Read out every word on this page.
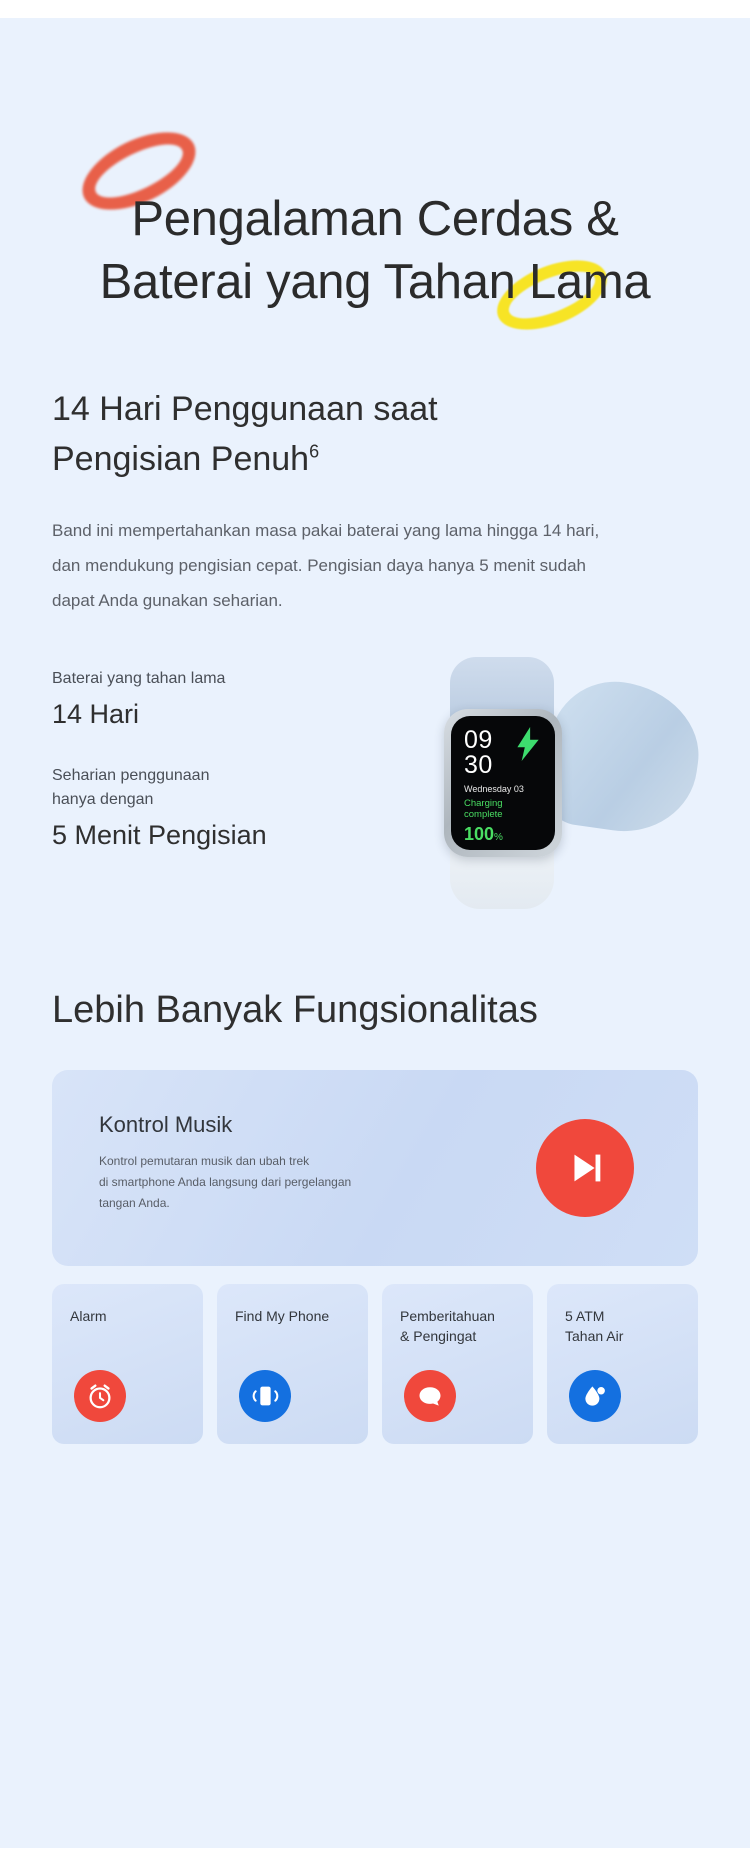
Pengalaman Cerdas &
Baterai yang Tahan Lama
14 Hari Penggunaan saat
Pengisian Penuh$^6$

Band ini mempertahankan masa pakai baterai yang lama hingga 14 hari, dan mendukung pengisian cepat. Pengisian daya hanya 5 menit sudah dapat Anda gunakan seharian.

Baterai yang tahan lama
14 Hari
Seharian penggunaan
hanya dengan
5 Menit Pengisian
09
30
Wednesday 03
Charging
complete
100%
Lebih Banyak Fungsionalitas
Kontrol Musik
Kontrol pemutaran musik dan ubah trek
di smartphone Anda langsung dari pergelangan
tangan Anda.
Alarm	Find My Phone	Pemberitahuan
& Pengingat
5 ATM
Tahan Air
